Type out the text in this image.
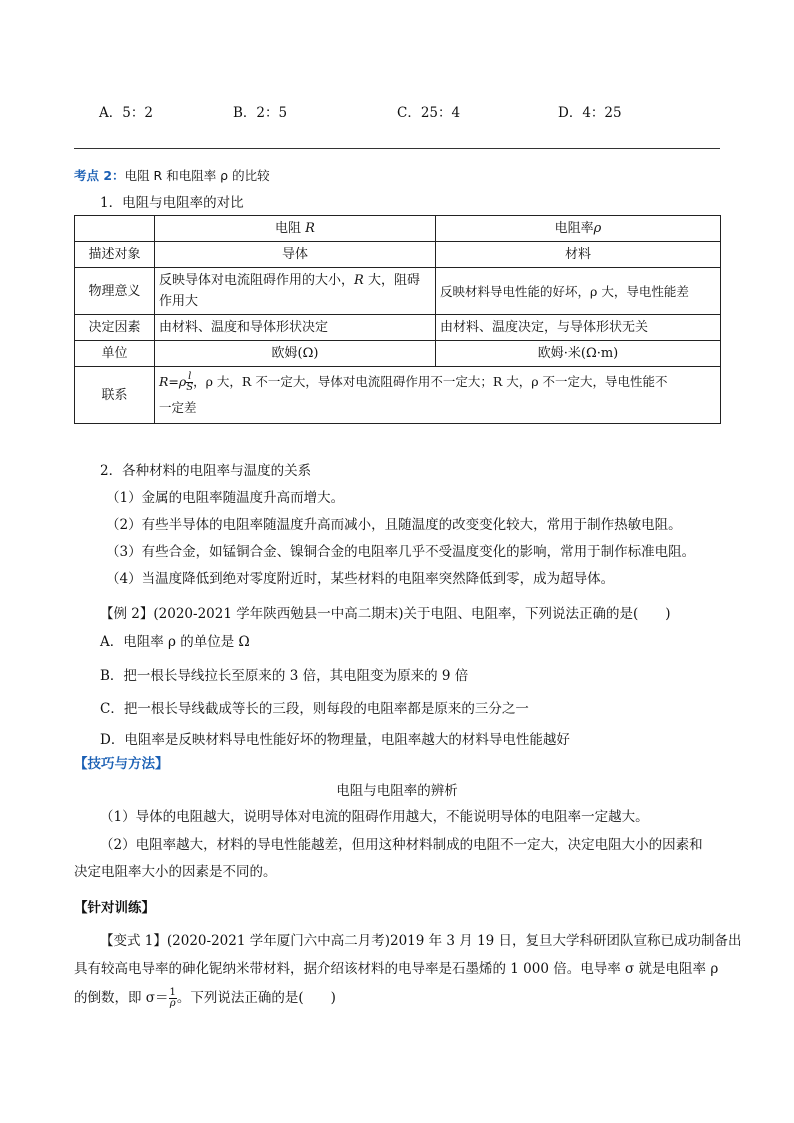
A．5：2	B．2：5	C．25：4	D．4：25
考点 2：电阻 R 和电阻率 ρ 的比较
1．电阻与电阻率的对比
	电阻 R	电阻率ρ
描述对象	导体	材料
物理意义	反映导体对电流阻碍作用的大小，R 大，阻碍作用大	反映材料导电性能的好坏，ρ 大，导电性能差
决定因素	由材料、温度和导体形状决定	由材料、温度决定，与导体形状无关
单位	欧姆(Ω)	欧姆·米(Ω·m)
联系	$R=\rho \frac{l}{S}$ ，ρ 大，R 不一定大，导体对电流阻碍作用不一定大；R 大，ρ 不一定大，导电性能不
一定差	
2．各种材料的电阻率与温度的关系
（1）金属的电阻率随温度升高而增大。
（2）有些半导体的电阻率随温度升高而减小，且随温度的改变变化较大，常用于制作热敏电阻。
（3）有些合金，如锰铜合金、镍铜合金的电阻率几乎不受温度变化的影响，常用于制作标准电阻。
（4）当温度降低到绝对零度附近时，某些材料的电阻率突然降低到零，成为超导体。
【例 2】(2020-2021 学年陕西勉县一中高二期末)关于电阻、电阻率，下列说法正确的是(　　)
A．电阻率 ρ 的单位是 Ω
B．把一根长导线拉长至原来的 3 倍，其电阻变为原来的 9 倍
C．把一根长导线截成等长的三段，则每段的电阻率都是原来的三分之一
D．电阻率是反映材料导电性能好坏的物理量，电阻率越大的材料导电性能越好
【技巧与方法】
电阻与电阻率的辨析
（1）导体的电阻越大，说明导体对电流的阻碍作用越大，不能说明导体的电阻率一定越大。
（2）电阻率越大，材料的导电性能越差，但用这种材料制成的电阻不一定大，决定电阻大小的因素和
决定电阻率大小的因素是不同的。
【针对训练】
【变式 1】(2020-2021 学年厦门六中高二月考)2019 年 3 月 19 日，复旦大学科研团队宣称已成功制备出
具有较高电导率的砷化铌纳米带材料，据介绍该材料的电导率是石墨烯的 1 000 倍。电导率 σ 就是电阻率 ρ
的倒数，即 $\sigma= \frac{1}{\rho}$ 。下列说法正确的是(　　)
